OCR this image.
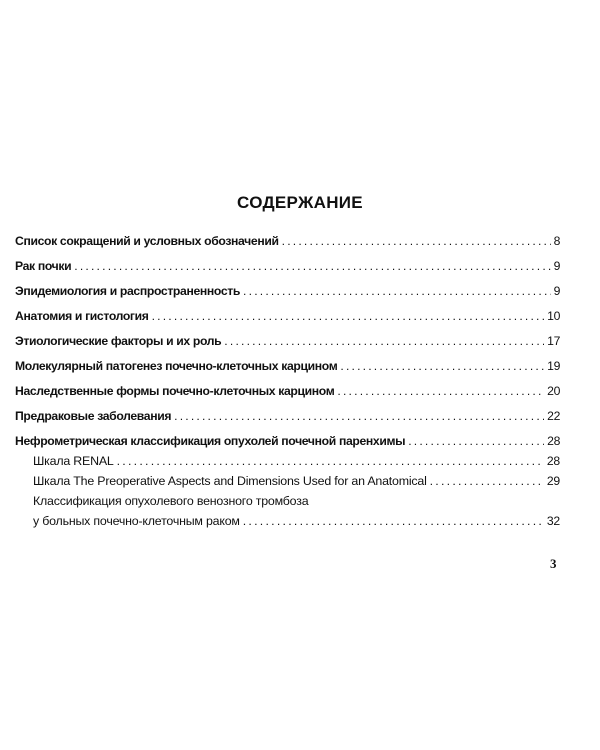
СОДЕРЖАНИЕ
Список сокращений и условных обозначений . . .	8
Рак почки . . .	9
Эпидемиология и распространенность . . .	9
Анатомия и гистология . . .	10
Этиологические факторы и их роль . . .	17
Молекулярный патогенез почечно-клеточных карцином . . .	19
Наследственные формы почечно-клеточных карцином . . .	20
Предраковые заболевания . . .	22
Нефрометрическая классификация опухолей почечной паренхимы . . .	28
Шкала RENAL . . .	28
Шкала The Preoperative Aspects and Dimensions Used for an Anatomical . . .	29
Классификация опухолевого венозного тромбоза
у больных почечно-клеточным раком . . .	32
3
